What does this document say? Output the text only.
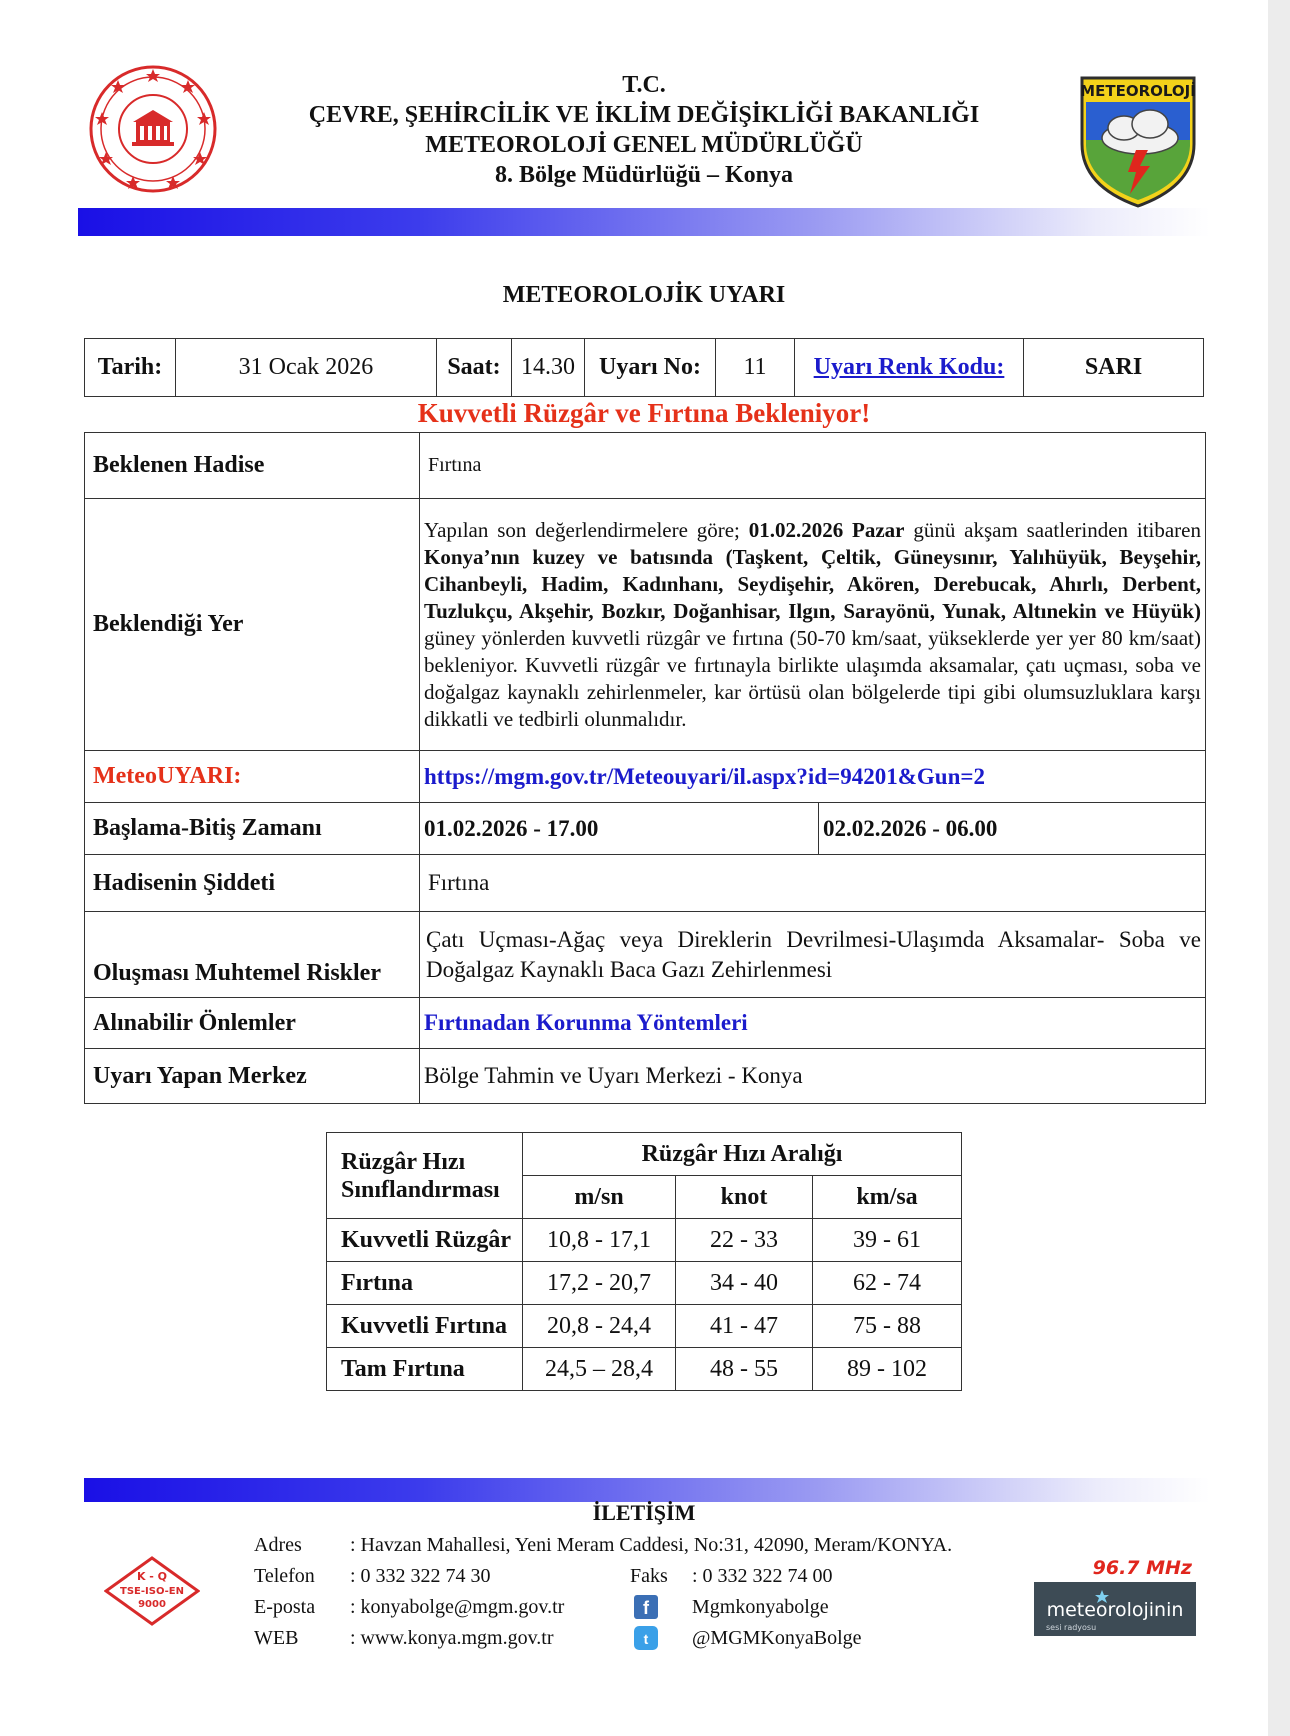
T.C.
ÇEVRE, ŞEHİRCİLİK VE İKLİM DEĞİŞİKLİĞİ BAKANLIĞI
METEOROLOJİ GENEL MÜDÜRLÜĞÜ
8. Bölge Müdürlüğü – Konya
METEOROLOJİ
METEOROLOJİK UYARI
Tarih:	31 Ocak 2026	Saat:	14.30	Uyarı No:	11	Uyarı Renk Kodu:	SARI
Kuvvetli Rüzgâr ve Fırtına Bekleniyor!
Beklenen Hadise	Fırtına	
Beklendiği Yer	Yapılan son değerlendirmelere göre; 01.02.2026 Pazar günü akşam saatlerinden itibaren Konya’nın kuzey ve batısında (Taşkent, Çeltik, Güneysınır, Yalıhüyük, Beyşehir, Cihanbeyli, Hadim, Kadınhanı, Seydişehir, Akören, Derebucak, Ahırlı, Derbent, Tuzlukçu, Akşehir, Bozkır, Doğanhisar, Ilgın, Sarayönü, Yunak, Altınekin ve Hüyük) güney yönlerden kuvvetli rüzgâr ve fırtına (50-70 km/saat, yükseklerde yer yer 80 km/saat) bekleniyor. Kuvvetli rüzgâr ve fırtınayla birlikte ulaşımda aksamalar, çatı uçması, soba ve doğalgaz kaynaklı zehirlenmeler, kar örtüsü olan bölgelerde tipi gibi olumsuzluklara karşı dikkatli ve tedbirli olunmalıdır.	
MeteoUYARI:	https://mgm.gov.tr/Meteouyari/il.aspx?id=94201&Gun=2	
Başlama-Bitiş Zamanı	01.02.2026 - 17.00	02.02.2026 - 06.00
Hadisenin Şiddeti	Fırtına	
Oluşması Muhtemel Riskler	Çatı Uçması-Ağaç veya Direklerin Devrilmesi-Ulaşımda Aksamalar- Soba ve Doğalgaz Kaynaklı Baca Gazı Zehirlenmesi	
Alınabilir Önlemler	Fırtınadan Korunma Yöntemleri	
Uyarı Yapan Merkez	Bölge Tahmin ve Uyarı Merkezi - Konya	
Rüzgâr Hızı
Sınıflandırması	Rüzgâr Hızı Aralığı		
	m/sn	knot	km/sa
Kuvvetli Rüzgâr	10,8 - 17,1	22 - 33	39 - 61
Fırtına	17,2 - 20,7	34 - 40	62 - 74
Kuvvetli Fırtına	20,8 - 24,4	41 - 47	75 - 88
Tam Fırtına	24,5 – 28,4	48 - 55	89 - 102
İLETİŞİM
K - Q
TSE-ISO-EN
9000
Adres : Havzan Mahallesi, Yeni Meram Caddesi, No:31, 42090, Meram/KONYA.
Telefon : 0 332 322 74 30	Faks : 0 332 322 74 00
E-posta : konyabolge@mgm.gov.tr	f	Mgmkonyabolge
WEB	: www.konya.mgm.gov.tr	t	@MGMKonyaBolge
96.7 MHz
meteorolojinin
sesi radyosu
